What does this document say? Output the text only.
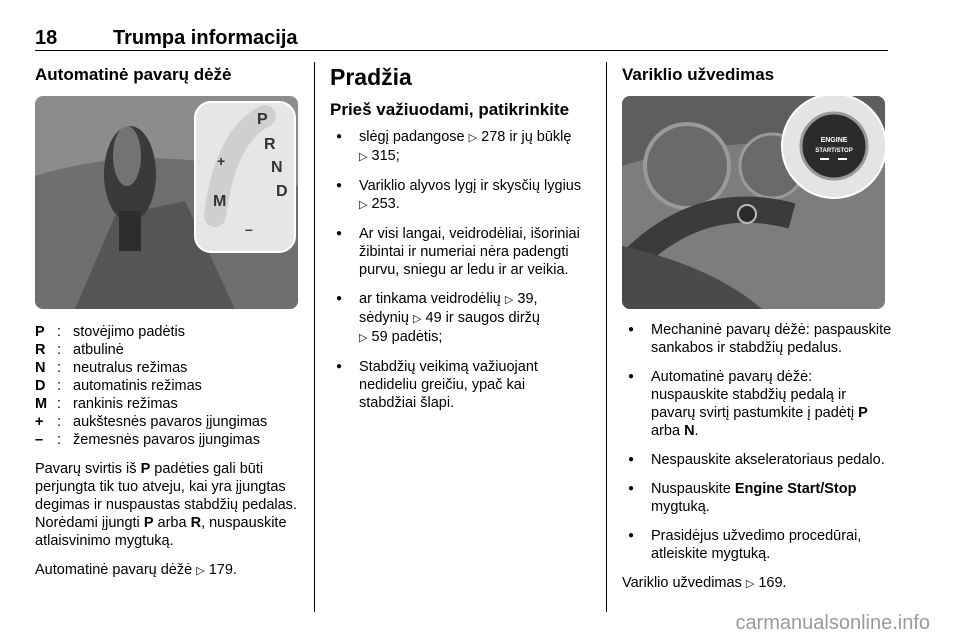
18	Trumpa informacija
Automatinė pavarų dėžė
P
R
N
D
M
+
–
P	:	stovėjimo padėtis
R	:	atbulinė
N	:	neutralus režimas
D	:	automatinis režimas
M	:	rankinis režimas
+	:	aukštesnės pavaros įjungimas
–	:	žemesnės pavaros įjungimas

Pavarų svirtis iš P padėties gali būti perjungta tik tuo atveju, kai yra įjungtas degimas ir nuspaustas stabdžių pedalas. Norėdami įjungti P arba R, nuspauskite atlaisvinimo mygtuką.

Automatinė pavarų dėžė ▷ 179.

Pradžia
Prieš važiuodami, patikrinkite
● slėgį padangose ▷ 278 ir jų būklę
▷ 315;
● Variklio alyvos lygį ir skysčių lygius ▷ 253.
● Ar visi langai, veidrodėliai, išoriniai žibintai ir numeriai nėra padengti purvu, sniegu ar ledu ir ar veikia.
● ar tinkama veidrodėlių ▷ 39, sėdynių ▷ 49 ir saugos diržų
▷ 59 padėtis;
● Stabdžių veikimą važiuojant nedideliu greičiu, ypač kai stabdžiai šlapi.
Variklio užvedimas
ENGINE
START/STOP
● Mechaninė pavarų dėžė: paspauskite sankabos ir stabdžių pedalus.
● Automatinė pavarų dėžė: nuspauskite stabdžių pedalą ir pavarų svirtį pastumkite į padėtį P arba N.
● Nespauskite akseleratoriaus pedalo.
● Nuspauskite Engine Start/Stop mygtuką.
● Prasidėjus užvedimo procedūrai, atleiskite mygtuką.

Variklio užvedimas ▷ 169.

carmanualsonline.info
